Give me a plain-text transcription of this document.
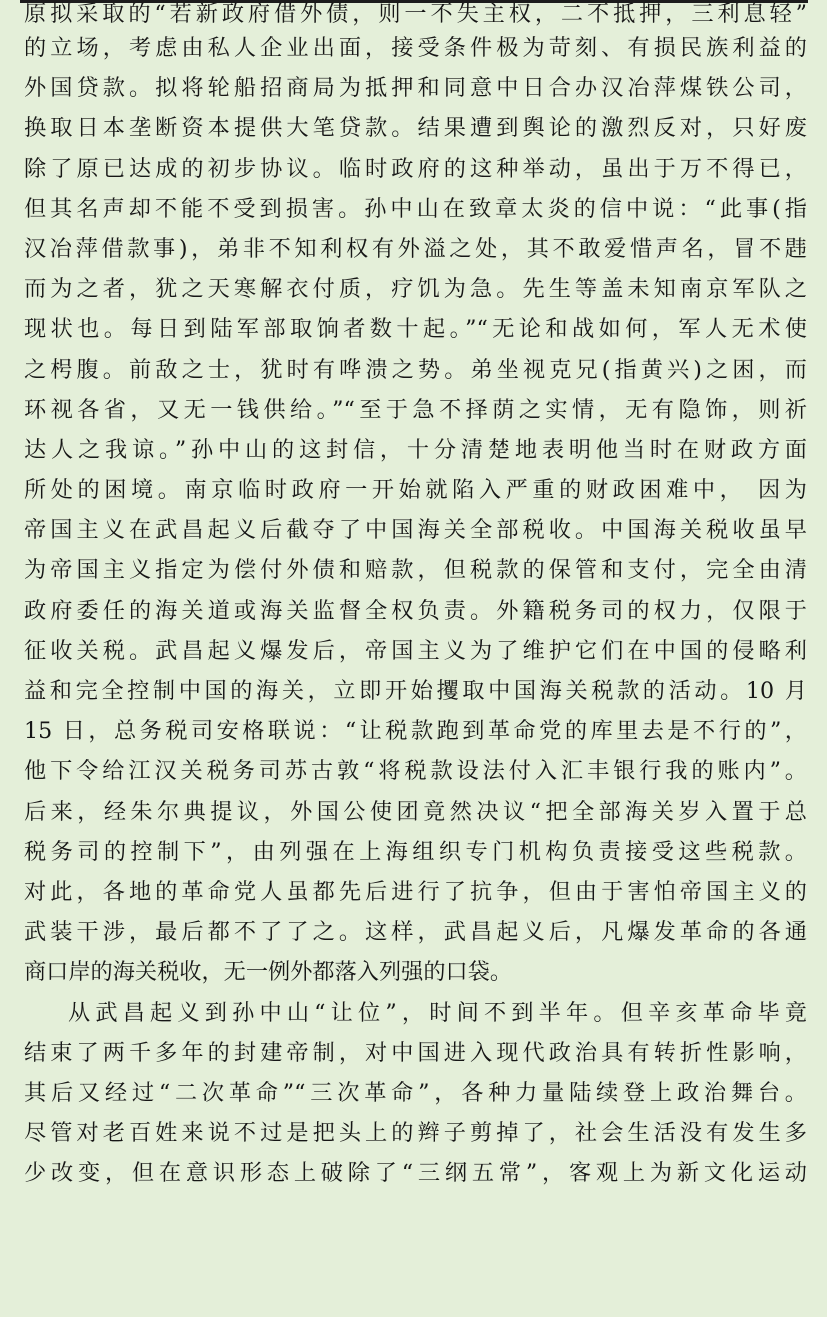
原拟采取的“若新政府借外债，则一不失主权，二不抵押，三利息轻”
的立场，考虑由私人企业出面，接受条件极为苛刻、有损民族利益的
外国贷款。拟将轮船招商局为抵押和同意中日合办汉冶萍煤铁公司，
换取日本垄断资本提供大笔贷款。结果遭到舆论的激烈反对，只好废
除了原已达成的初步协议。临时政府的这种举动，虽出于万不得已，
但其名声却不能不受到损害。孙中山在致章太炎的信中说：“此事(指
汉冶萍借款事)，弟非不知利权有外溢之处，其不敢爱惜声名，冒不韪
而为之者，犹之天寒解衣付质，疗饥为急。先生等盖未知南京军队之
现状也。每日到陆军部取饷者数十起。”“无论和战如何，军人无术使
之枵腹。前敌之士，犹时有哗溃之势。弟坐视克兄(指黄兴)之困，而
环视各省，又无一钱供给。”“至于急不择荫之实情，无有隐饰，则祈
达人之我谅。”孙中山的这封信，十分清楚地表明他当时在财政方面
所处的困境。南京临时政府一开始就陷入严重的财政困难中， 因为
帝国主义在武昌起义后截夺了中国海关全部税收。中国海关税收虽早
为帝国主义指定为偿付外债和赔款，但税款的保管和支付，完全由清
政府委任的海关道或海关监督全权负责。外籍税务司的权力，仅限于
征收关税。武昌起义爆发后，帝国主义为了维护它们在中国的侵略利
益和完全控制中国的海关，立即开始攫取中国海关税款的活动。10 月
15 日，总务税司安格联说：“让税款跑到革命党的库里去是不行的”，
他下令给江汉关税务司苏古敦“将税款设法付入汇丰银行我的账内”。
后来，经朱尔典提议，外国公使团竟然决议“把全部海关岁入置于总
税务司的控制下”，由列强在上海组织专门机构负责接受这些税款。
对此，各地的革命党人虽都先后进行了抗争，但由于害怕帝国主义的
武装干涉，最后都不了了之。这样，武昌起义后，凡爆发革命的各通
商口岸的海关税收，无一例外都落入列强的口袋。
从武昌起义到孙中山“让位”，时间不到半年。但辛亥革命毕竟
结束了两千多年的封建帝制，对中国进入现代政治具有转折性影响，
其后又经过“二次革命”“三次革命”，各种力量陆续登上政治舞台。
尽管对老百姓来说不过是把头上的辫子剪掉了，社会生活没有发生多
少改变，但在意识形态上破除了“三纲五常”，客观上为新文化运动
